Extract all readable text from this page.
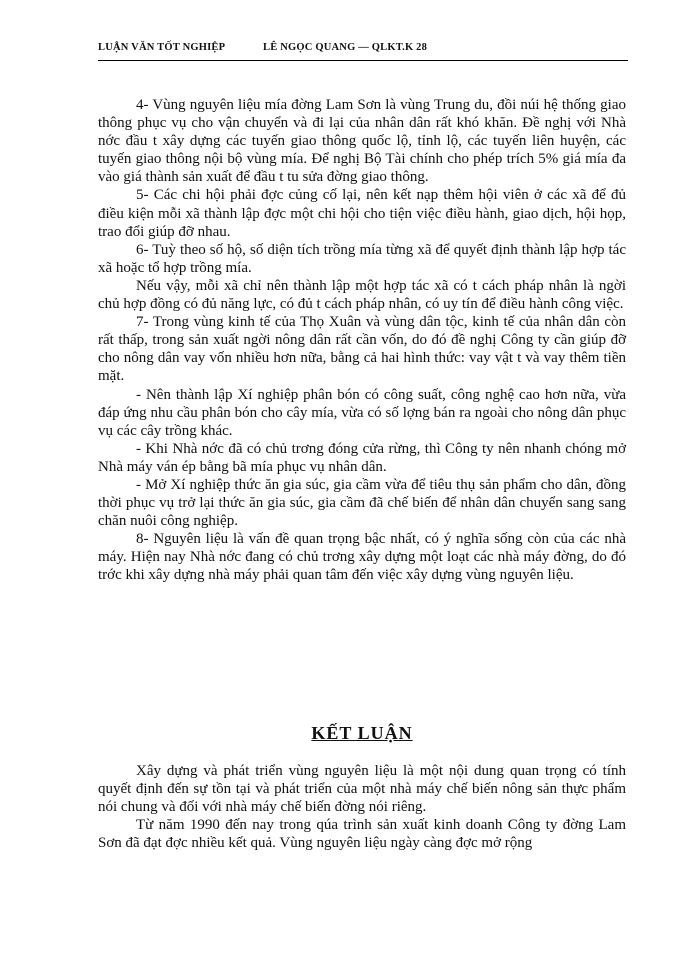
LUẬN VĂN TỐT NGHIỆP	LÊ NGỌC QUANG — QLKT.K 28

4- Vùng nguyên liệu mía đờng Lam Sơn là vùng Trung du, đồi núi hệ thống giao thông phục vụ cho vận chuyển và đi lại của nhân dân rất khó khăn. Đề nghị với Nhà nớc đầu t xây dựng các tuyến giao thông quốc lộ, tỉnh lộ, các tuyến liên huyện, các tuyến giao thông nội bộ vùng mía. Để nghị Bộ Tài chính cho phép trích 5% giá mía đa vào giá thành sản xuất để đầu t tu sửa đờng giao thông.

5- Các chi hội phải đợc củng cố lại, nên kết nạp thêm hội viên ở các xã để đủ điều kiện mỗi xã thành lập đợc một chi hội cho tiện việc điều hành, giao dịch, hội họp, trao đổi giúp đỡ nhau.

6- Tuỳ theo số hộ, số diện tích trồng mía từng xã để quyết định thành lập hợp tác xã hoặc tổ hợp trồng mía.

Nếu vậy, mỗi xã chỉ nên thành lập một hợp tác xã có t cách pháp nhân là ngời chủ hợp đồng có đủ năng lực, có đủ t cách pháp nhân, có uy tín để điều hành công việc.

7- Trong vùng kinh tế của Thọ Xuân và vùng dân tộc, kinh tế của nhân dân còn rất thấp, trong sản xuất ngời nông dân rất cần vốn, do đó đề nghị Công ty cần giúp đỡ cho nông dân vay vốn nhiều hơn nữa, bằng cả hai hình thức: vay vật t và vay thêm tiền mặt.

- Nên thành lập Xí nghiệp phân bón có công suất, công nghệ cao hơn nữa, vừa đáp ứng nhu cầu phân bón cho cây mía, vừa có số lợng bán ra ngoài cho nông dân phục vụ các cây trồng khác.

- Khi Nhà nớc đã có chủ trơng đóng cửa rừng, thì Công ty nên nhanh chóng mở Nhà máy ván ép bằng bã mía phục vụ nhân dân.

- Mở Xí nghiệp thức ăn gia súc, gia cầm vừa để tiêu thụ sản phẩm cho dân, đồng thời phục vụ trở lại thức ăn gia súc, gia cầm đã chế biến để nhân dân chuyển sang sang chăn nuôi công nghiệp.

8- Nguyên liệu là vấn đề quan trọng bậc nhất, có ý nghĩa sống còn của các nhà máy. Hiện nay Nhà nớc đang có chủ trơng xây dựng một loạt các nhà máy đờng, do đó trớc khi xây dựng nhà máy phải quan tâm đến việc xây dựng vùng nguyên liệu.

KẾT LUẬN

Xây dựng và phát triển vùng nguyên liệu là một nội dung quan trọng có tính quyết định đến sự tồn tại và phát triển của một nhà máy chế biến nông sản thực phẩm nói chung và đối với nhà máy chế biến đờng nói riêng.

Từ năm 1990 đến nay trong qúa trình sản xuất kinh doanh Công ty đờng Lam Sơn đã đạt đợc nhiều kết quả. Vùng nguyên liệu ngày càng đợc mở rộng
